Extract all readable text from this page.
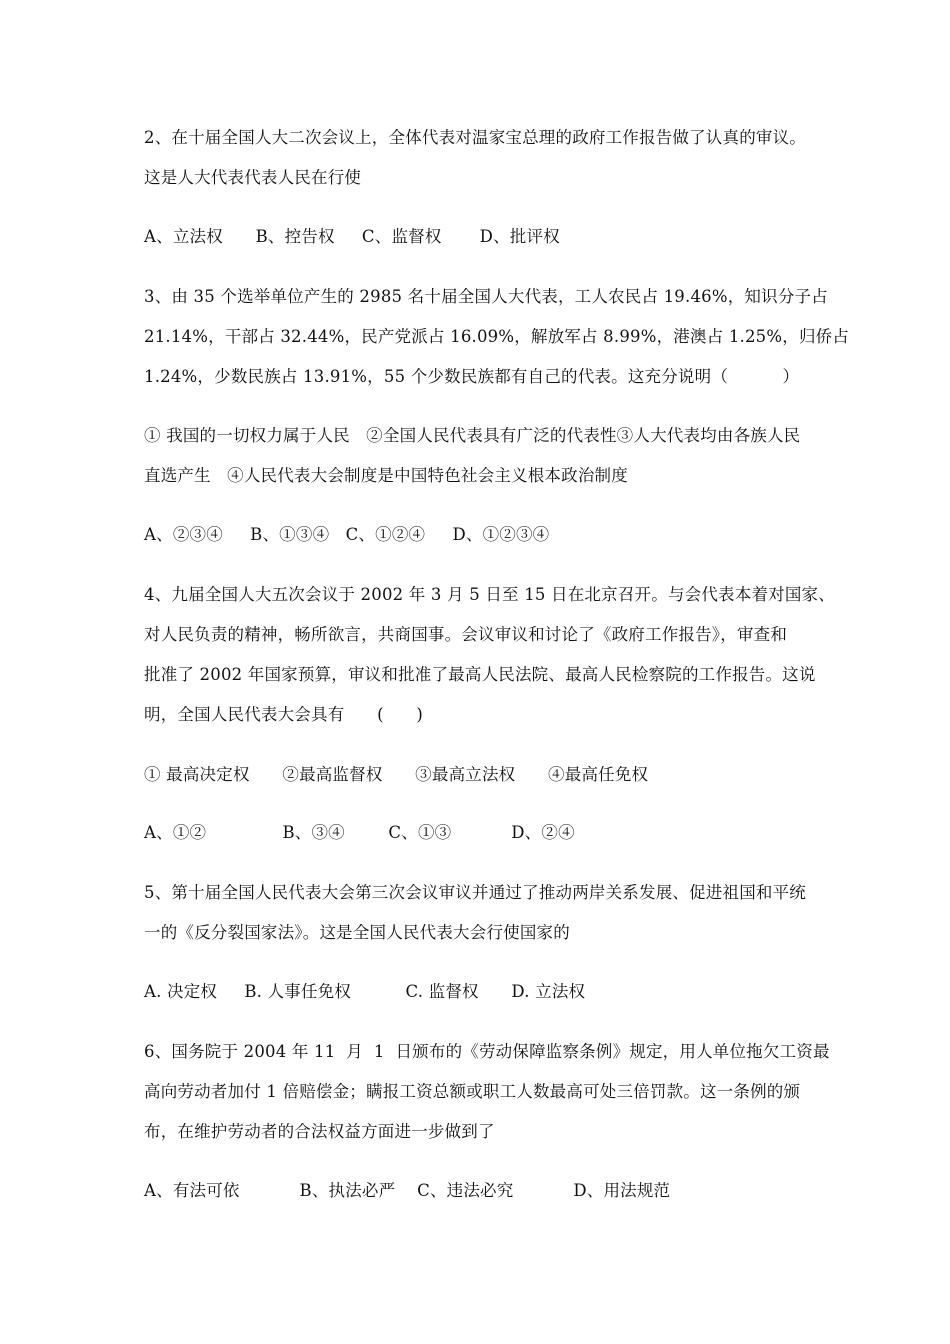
2、在十届全国人大二次会议上，全体代表对温家宝总理的政府工作报告做了认真的审议。
这是人大代表代表人民在行使
A、立法权      B、控告权     C、监督权       D、批评权
3、由 35 个选举单位产生的 2985 名十届全国人大代表，工人农民占 19.46%，知识分子占
21.14%，干部占 32.44%，民产党派占 16.09%，解放军占 8.99%，港澳占 1.25%，归侨占
1.24%，少数民族占 13.91%，55 个少数民族都有自己的代表。这充分说明（          ）
① 我国的一切权力属于人民   ②全国人民代表具有广泛的代表性③人大代表均由各族人民
直选产生   ④人民代表大会制度是中国特色社会主义根本政治制度
A、②③④     B、①③④   C、①②④     D、①②③④
4、九届全国人大五次会议于 2002 年 3 月 5 日至 15 日在北京召开。与会代表本着对国家、
对人民负责的精神，畅所欲言，共商国事。会议审议和讨论了《政府工作报告》，审查和
批准了 2002 年国家预算，审议和批准了最高人民法院、最高人民检察院的工作报告。这说
明，全国人民代表大会具有      (      )
① 最高决定权      ②最高监督权      ③最高立法权      ④最高任免权
A、①②              B、③④        C、①③           D、②④
5、第十届全国人民代表大会第三次会议审议并通过了推动两岸关系发展、促进祖国和平统
一的《反分裂国家法》。这是全国人民代表大会行使国家的
A. 决定权     B. 人事任免权          C. 监督权      D. 立法权
6、国务院于 2004 年 11  月  1  日颁布的《劳动保障监察条例》规定，用人单位拖欠工资最
高向劳动者加付 1 倍赔偿金；瞒报工资总额或职工人数最高可处三倍罚款。这一条例的颁
布，在维护劳动者的合法权益方面进一步做到了
A、有法可依           B、执法必严    C、违法必究           D、用法规范
